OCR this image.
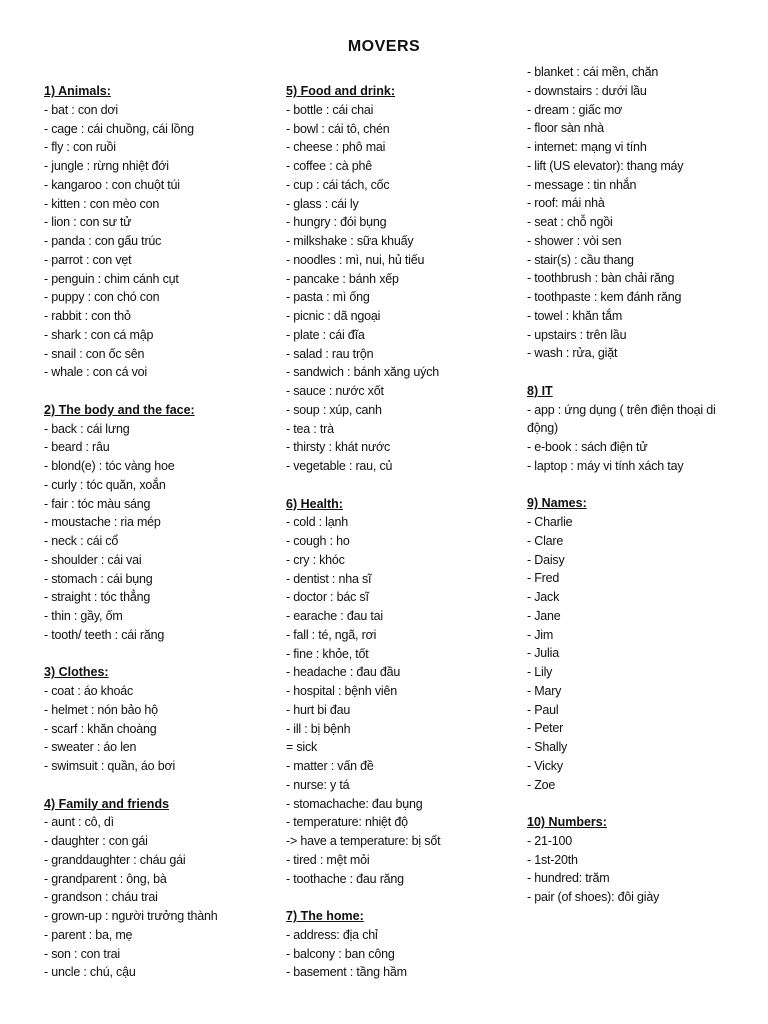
MOVERS
1) Animals:
- bat : con dơi
- cage : cái chuồng, cái lồng
- fly : con ruồi
- jungle : rừng nhiệt đới
- kangaroo : con chuột túi
- kitten : con mèo con
- lion : con sư tử
- panda : con gấu trúc
- parrot : con vẹt
- penguin : chim cánh cụt
- puppy : con chó con
- rabbit : con thỏ
- shark : con cá mập
- snail : con ốc sên
- whale : con cá voi
2) The body and the face:
- back : cái lưng
- beard : râu
- blond(e) : tóc vàng hoe
- curly : tóc quăn, xoắn
- fair : tóc màu sáng
- moustache : ria mép
- neck : cái cổ
- shoulder : cái vai
- stomach : cái bụng
- straight : tóc thẳng
- thin : gầy, ốm
- tooth/ teeth : cái răng
3) Clothes:
- coat : áo khoác
- helmet : nón bảo hộ
- scarf : khăn choàng
- sweater : áo len
- swimsuit : quần, áo bơi
4) Family and friends
- aunt : cô, dì
- daughter : con gái
- granddaughter : cháu gái
- grandparent : ông, bà
- grandson : cháu trai
- grown-up : người trưởng thành
- parent : ba, mẹ
- son : con trai
- uncle : chú, cậu
5) Food and drink:
- bottle : cái chai
- bowl : cái tô, chén
- cheese : phô mai
- coffee : cà phê
- cup : cái tách, cốc
- glass : cái ly
- hungry : đói bụng
- milkshake : sữa khuấy
- noodles : mì, nui, hủ tiếu
- pancake : bánh xếp
- pasta : mì ống
- picnic : dã ngoại
- plate : cái đĩa
- salad : rau trộn
- sandwich : bánh xăng uých
- sauce : nước xốt
- soup : xúp, canh
- tea : trà
- thirsty : khát nước
- vegetable : rau, củ
6) Health:
- cold : lạnh
- cough : ho
- cry : khóc
- dentist : nha sĩ
- doctor : bác sĩ
- earache : đau tai
- fall : té, ngã, rơi
- fine : khỏe, tốt
- headache : đau đầu
- hospital : bệnh viên
- hurt bi đau
- ill : bị bệnh
= sick
- matter : vấn đề
- nurse: y tá
- stomachache: đau bụng
- temperature: nhiệt độ
-> have a temperature: bị sốt
- tired : mệt mỏi
- toothache : đau răng
7) The home:
- address: địa chỉ
- balcony : ban công
- basement : tầng hầm
- blanket : cái mền, chăn
- downstairs : dưới lầu
- dream : giấc mơ
- floor sàn nhà
- internet: mạng vi tính
- lift (US elevator): thang máy
- message : tin nhắn
- roof: mái nhà
- seat : chỗ ngồi
- shower : vòi sen
- stair(s) : cầu thang
- toothbrush : bàn chải răng
- toothpaste : kem đánh răng
- towel : khăn tắm
- upstairs : trên lầu
- wash : rửa, giặt
8) IT
- app : ứng dụng ( trên điện thoại di động)
- e-book : sách điện tử
- laptop : máy vi tính xách tay
9) Names:
- Charlie
- Clare
- Daisy
- Fred
- Jack
- Jane
- Jim
- Julia
- Lily
- Mary
- Paul
- Peter
- Shally
- Vicky
- Zoe
10) Numbers:
- 21-100
- 1st-20th
- hundred: trăm
- pair (of shoes): đôi giày
